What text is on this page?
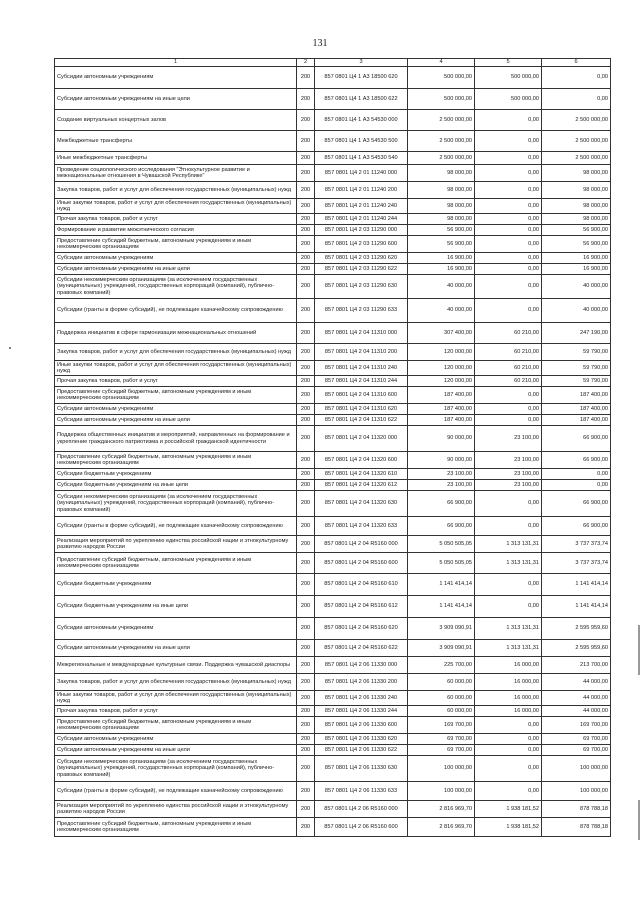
131
1	2	3	4	5	6
Субсидии автономным учреждениям	200	857 0801 Ц4 1 А3 18500 620	500 000,00	500 000,00	0,00
Субсидии автономным учреждениям на иные цели	200	857 0801 Ц4 1 А3 18500 622	500 000,00	500 000,00	0,00
Создание виртуальных концертных залов	200	857 0801 Ц4 1 А3 54530 000	2 500 000,00	0,00	2 500 000,00
Межбюджетные трансферты	200	857 0801 Ц4 1 А3 54530 500	2 500 000,00	0,00	2 500 000,00
Иные межбюджетные трансферты	200	857 0801 Ц4 1 А3 54530 540	2 500 000,00	0,00	2 500 000,00
Проведение социологического исследования "Этнокультурное развитие и межнациональные отношения в Чувашской Республике"	200	857 0801 Ц4 2 01 11240 000	98 000,00	0,00	98 000,00
Закупка товаров, работ и услуг для обеспечения государственных (муниципальных) нужд	200	857 0801 Ц4 2 01 11240 200	98 000,00	0,00	98 000,00
Иные закупки товаров, работ и услуг для обеспечения государственных (муниципальных) нужд	200	857 0801 Ц4 2 01 11240 240	98 000,00	0,00	98 000,00
Прочая закупка товаров, работ и услуг	200	857 0801 Ц4 2 01 11240 244	98 000,00	0,00	98 000,00
Формирование и развитие межэтнического согласия	200	857 0801 Ц4 2 03 11290 000	56 900,00	0,00	56 900,00
Предоставление субсидий бюджетным, автономным учреждениям и иным некоммерческим организациям	200	857 0801 Ц4 2 03 11290 600	56 900,00	0,00	56 900,00
Субсидии автономным учреждениям	200	857 0801 Ц4 2 03 11290 620	16 900,00	0,00	16 900,00
Субсидии автономным учреждениям на иные цели	200	857 0801 Ц4 2 03 11290 622	16 900,00	0,00	16 900,00
Субсидии некоммерческим организациям (за исключением государственных (муниципальных) учреждений, государственных корпораций (компаний), публично-правовых компаний)	200	857 0801 Ц4 2 03 11290 630	40 000,00	0,00	40 000,00
Субсидии (гранты в форме субсидий), не подлежащие казначейскому сопровождению	200	857 0801 Ц4 2 03 11290 633	40 000,00	0,00	40 000,00
Поддержка инициатив в сфере гармонизации межнациональных отношений	200	857 0801 Ц4 2 04 11310 000	307 400,00	60 210,00	247 190,00
Закупка товаров, работ и услуг для обеспечения государственных (муниципальных) нужд	200	857 0801 Ц4 2 04 11310 200	120 000,00	60 210,00	59 790,00
Иные закупки товаров, работ и услуг для обеспечения государственных (муниципальных) нужд	200	857 0801 Ц4 2 04 11310 240	120 000,00	60 210,00	59 790,00
Прочая закупка товаров, работ и услуг	200	857 0801 Ц4 2 04 11310 244	120 000,00	60 210,00	59 790,00
Предоставление субсидий бюджетным, автономным учреждениям и иным некоммерческим организациям	200	857 0801 Ц4 2 04 11310 600	187 400,00	0,00	187 400,00
Субсидии автономным учреждениям	200	857 0801 Ц4 2 04 11310 620	187 400,00	0,00	187 400,00
Субсидии автономным учреждениям на иные цели	200	857 0801 Ц4 2 04 11310 622	187 400,00	0,00	187 400,00
Поддержка общественных инициатив и мероприятий, направленных на формирование и укрепление гражданского патриотизма и российской гражданской идентичности	200	857 0801 Ц4 2 04 11320 000	90 000,00	23 100,00	66 900,00
Предоставление субсидий бюджетным, автономным учреждениям и иным некоммерческим организациям	200	857 0801 Ц4 2 04 11320 600	90 000,00	23 100,00	66 900,00
Субсидии бюджетным учреждениям	200	857 0801 Ц4 2 04 11320 610	23 100,00	23 100,00	0,00
Субсидии бюджетным учреждениям на иные цели	200	857 0801 Ц4 2 04 11320 612	23 100,00	23 100,00	0,00
Субсидии некоммерческим организациям (за исключением государственных (муниципальных) учреждений, государственных корпораций (компаний), публично-правовых компаний)	200	857 0801 Ц4 2 04 11320 630	66 900,00	0,00	66 900,00
Субсидии (гранты в форме субсидий), не подлежащие казначейскому сопровождению	200	857 0801 Ц4 2 04 11320 633	66 900,00	0,00	66 900,00
Реализация мероприятий по укреплению единства российской нации и этнокультурному развитию народов России	200	857 0801 Ц4 2 04 R5160 000	5 050 505,05	1 313 131,31	3 737 373,74
Предоставление субсидий бюджетным, автономным учреждениям и иным некоммерческим организациям	200	857 0801 Ц4 2 04 R5160 600	5 050 505,05	1 313 131,31	3 737 373,74
Субсидии бюджетным учреждениям	200	857 0801 Ц4 2 04 R5160 610	1 141 414,14	0,00	1 141 414,14
Субсидии бюджетным учреждениям на иные цели	200	857 0801 Ц4 2 04 R5160 612	1 141 414,14	0,00	1 141 414,14
Субсидии автономным учреждениям	200	857 0801 Ц4 2 04 R5160 620	3 909 090,91	1 313 131,31	2 595 959,60
Субсидии автономным учреждениям на иные цели	200	857 0801 Ц4 2 04 R5160 622	3 909 090,91	1 313 131,31	2 595 959,60
Межрегиональные и международные культурные связи. Поддержка чувашской диаспоры	200	857 0801 Ц4 2 06 11330 000	225 700,00	16 000,00	213 700,00
Закупка товаров, работ и услуг для обеспечения государственных (муниципальных) нужд	200	857 0801 Ц4 2 06 11330 200	60 000,00	16 000,00	44 000,00
Иные закупки товаров, работ и услуг для обеспечения государственных (муниципальных) нужд	200	857 0801 Ц4 2 06 11330 240	60 000,00	16 000,00	44 000,00
Прочая закупка товаров, работ и услуг	200	857 0801 Ц4 2 06 11330 244	60 000,00	16 000,00	44 000,00
Предоставление субсидий бюджетным, автономным учреждениям и иным некоммерческим организациям	200	857 0801 Ц4 2 06 11330 600	169 700,00	0,00	169 700,00
Субсидии автономным учреждениям	200	857 0801 Ц4 2 06 11330 620	69 700,00	0,00	69 700,00
Субсидии автономным учреждениям на иные цели	200	857 0801 Ц4 2 06 11330 622	69 700,00	0,00	69 700,00
Субсидии некоммерческим организациям (за исключением государственных (муниципальных) учреждений, государственных корпораций (компаний), публично-правовых компаний)	200	857 0801 Ц4 2 06 11330 630	100 000,00	0,00	100 000,00
Субсидии (гранты в форме субсидий), не подлежащие казначейскому сопровождению	200	857 0801 Ц4 2 06 11330 633	100 000,00	0,00	100 000,00
Реализация мероприятий по укреплению единства российской нации и этнокультурному развитию народов России	200	857 0801 Ц4 2 06 R5160 000	2 816 969,70	1 938 181,52	878 788,18
Предоставление субсидий бюджетным, автономным учреждениям и иным некоммерческим организациям	200	857 0801 Ц4 2 06 R5160 600	2 816 969,70	1 938 181,52	878 788,18
